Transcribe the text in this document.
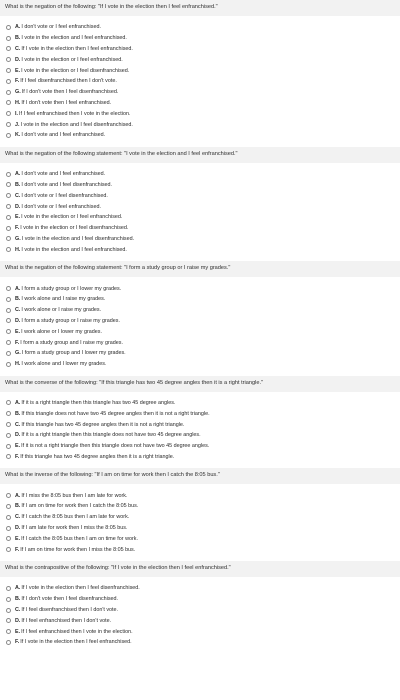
What is the negation of the following: "If I vote in the election then I feel enfranchised."
A. I don't vote or I feel enfranchised.
B. I vote in the election and I feel enfranchised.
C. If I vote in the election then I feel enfranchised.
D. I vote in the election or I feel enfranchised.
E. I vote in the election or I feel disenfranchised.
F. If I feel disenfranchised then I don't vote.
G. If I don't vote then I feel disenfranchised.
H. If I don't vote then I feel enfranchised.
I. If I feel enfranchised then I vote in the election.
J. I vote in the election and I feel disenfranchised.
K. I don't vote and I feel enfranchised.
What is the negation of the following statement: "I vote in the election and I feel enfranchised."
A. I don't vote and I feel enfranchised.
B. I don't vote and I feel disenfranchised.
C. I don't vote or I feel disenfranchised.
D. I don't vote or I feel enfranchised.
E. I vote in the election or I feel enfranchised.
F. I vote in the election or I feel disenfranchised.
G. I vote in the election and I feel disenfranchised.
H. I vote in the election and I feel enfranchised.
What is the negation of the following statement: "I form a study group or I raise my grades."
A. I form a study group or I lower my grades.
B. I work alone and I raise my grades.
C. I work alone or I raise my grades.
D. I form a study group or I raise my grades.
E. I work alone or I lower my grades.
F. I form a study group and I raise my grades.
G. I form a study group and I lower my grades.
H. I work alone and I lower my grades.
What is the converse of the following: "If this triangle has two 45 degree angles then it is a right triangle."
A. If it is a right triangle then this triangle has two 45 degree angles.
B. If this triangle does not have two 45 degree angles then it is not a right triangle.
C. If this triangle has two 45 degree angles then it is not a right triangle.
D. If it is a right triangle then this triangle does not have two 45 degree angles.
E. If it is not a right triangle then this triangle does not have two 45 degree angles.
F. If this triangle has two 45 degree angles then it is a right triangle.
What is the inverse of the following: "If I am on time for work then I catch the 8:05 bus."
A. If I miss the 8:05 bus then I am late for work.
B. If I am on time for work then I catch the 8:05 bus.
C. If I catch the 8:05 bus then I am late for work.
D. If I am late for work then I miss the 8:05 bus.
E. If I catch the 8:05 bus then I am on time for work.
F. If I am on time for work then I miss the 8:05 bus.
What is the contrapositive of the following: "If I vote in the election then I feel enfranchised."
A. If I vote in the election then I feel disenfranchised.
B. If I don't vote then I feel disenfranchised.
C. If I feel disenfranchised then I don't vote.
D. If I feel enfranchised then I don't vote.
E. If I feel enfranchised then I vote in the election.
F. If I vote in the election then I feel enfranchised.
